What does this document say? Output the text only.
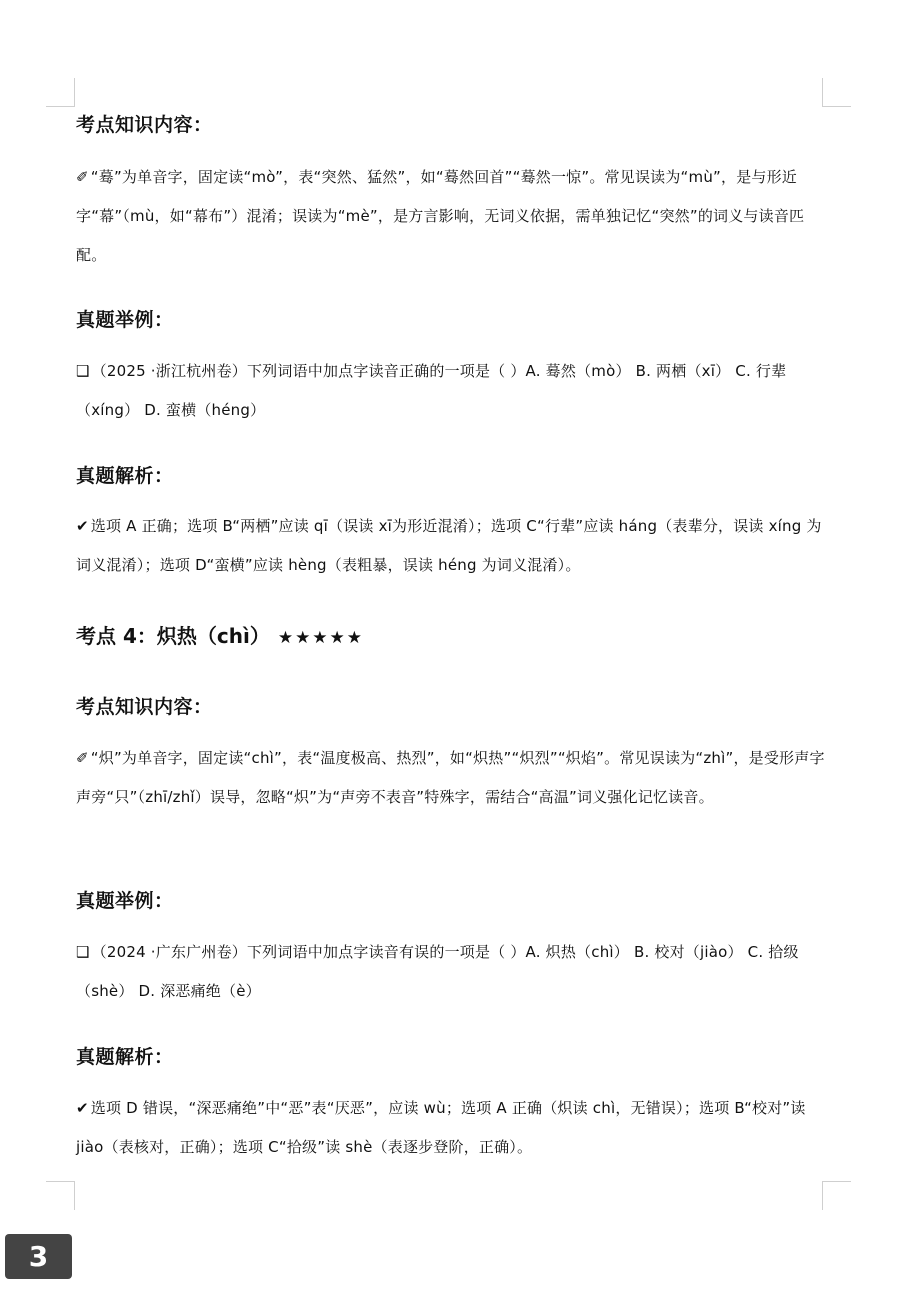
考点知识内容：
✐ “蓦”为单音字，固定读“mò”，表“突然、猛然”，如“蓦然回首”“蓦然一惊”。常见误读为“mù”，是与形近字“幕”（mù，如“幕布”）混淆；误读为“mè”，是方言影响，无词义依据，需单独记忆“突然”的词义与读音匹配。
真题举例：
❑ （2025 ·浙江杭州卷）下列词语中加点字读音正确的一项是（ ）A. 蓦然（mò） B. 两栖（xī） C. 行辈（xíng） D. 蛮横（héng）
真题解析：
✔ 选项 A 正确；选项 B“两栖”应读 qī（误读 xī为形近混淆）；选项 C“行辈”应读 háng（表辈分，误读 xíng 为词义混淆）；选项 D“蛮横”应读 hèng（表粗暴，误读 héng 为词义混淆）。
考点 4：炽热（chì） ★★★★★
考点知识内容：
✐ “炽”为单音字，固定读“chì”，表“温度极高、热烈”，如“炽热”“炽烈”“炽焰”。常见误读为“zhì”，是受形声字声旁“只”（zhī/zhǐ）误导，忽略“炽”为“声旁不表音”特殊字，需结合“高温”词义强化记忆读音。
真题举例：
❑ （2024 ·广东广州卷）下列词语中加点字读音有误的一项是（ ）A. 炽热（chì） B. 校对（jiào） C. 拾级（shè） D. 深恶痛绝（è）
真题解析：
✔ 选项 D 错误，“深恶痛绝”中“恶”表“厌恶”，应读 wù；选项 A 正确（炽读 chì，无错误）；选项 B“校对”读 jiào（表核对，正确）；选项 C“拾级”读 shè（表逐步登阶，正确）。
3
